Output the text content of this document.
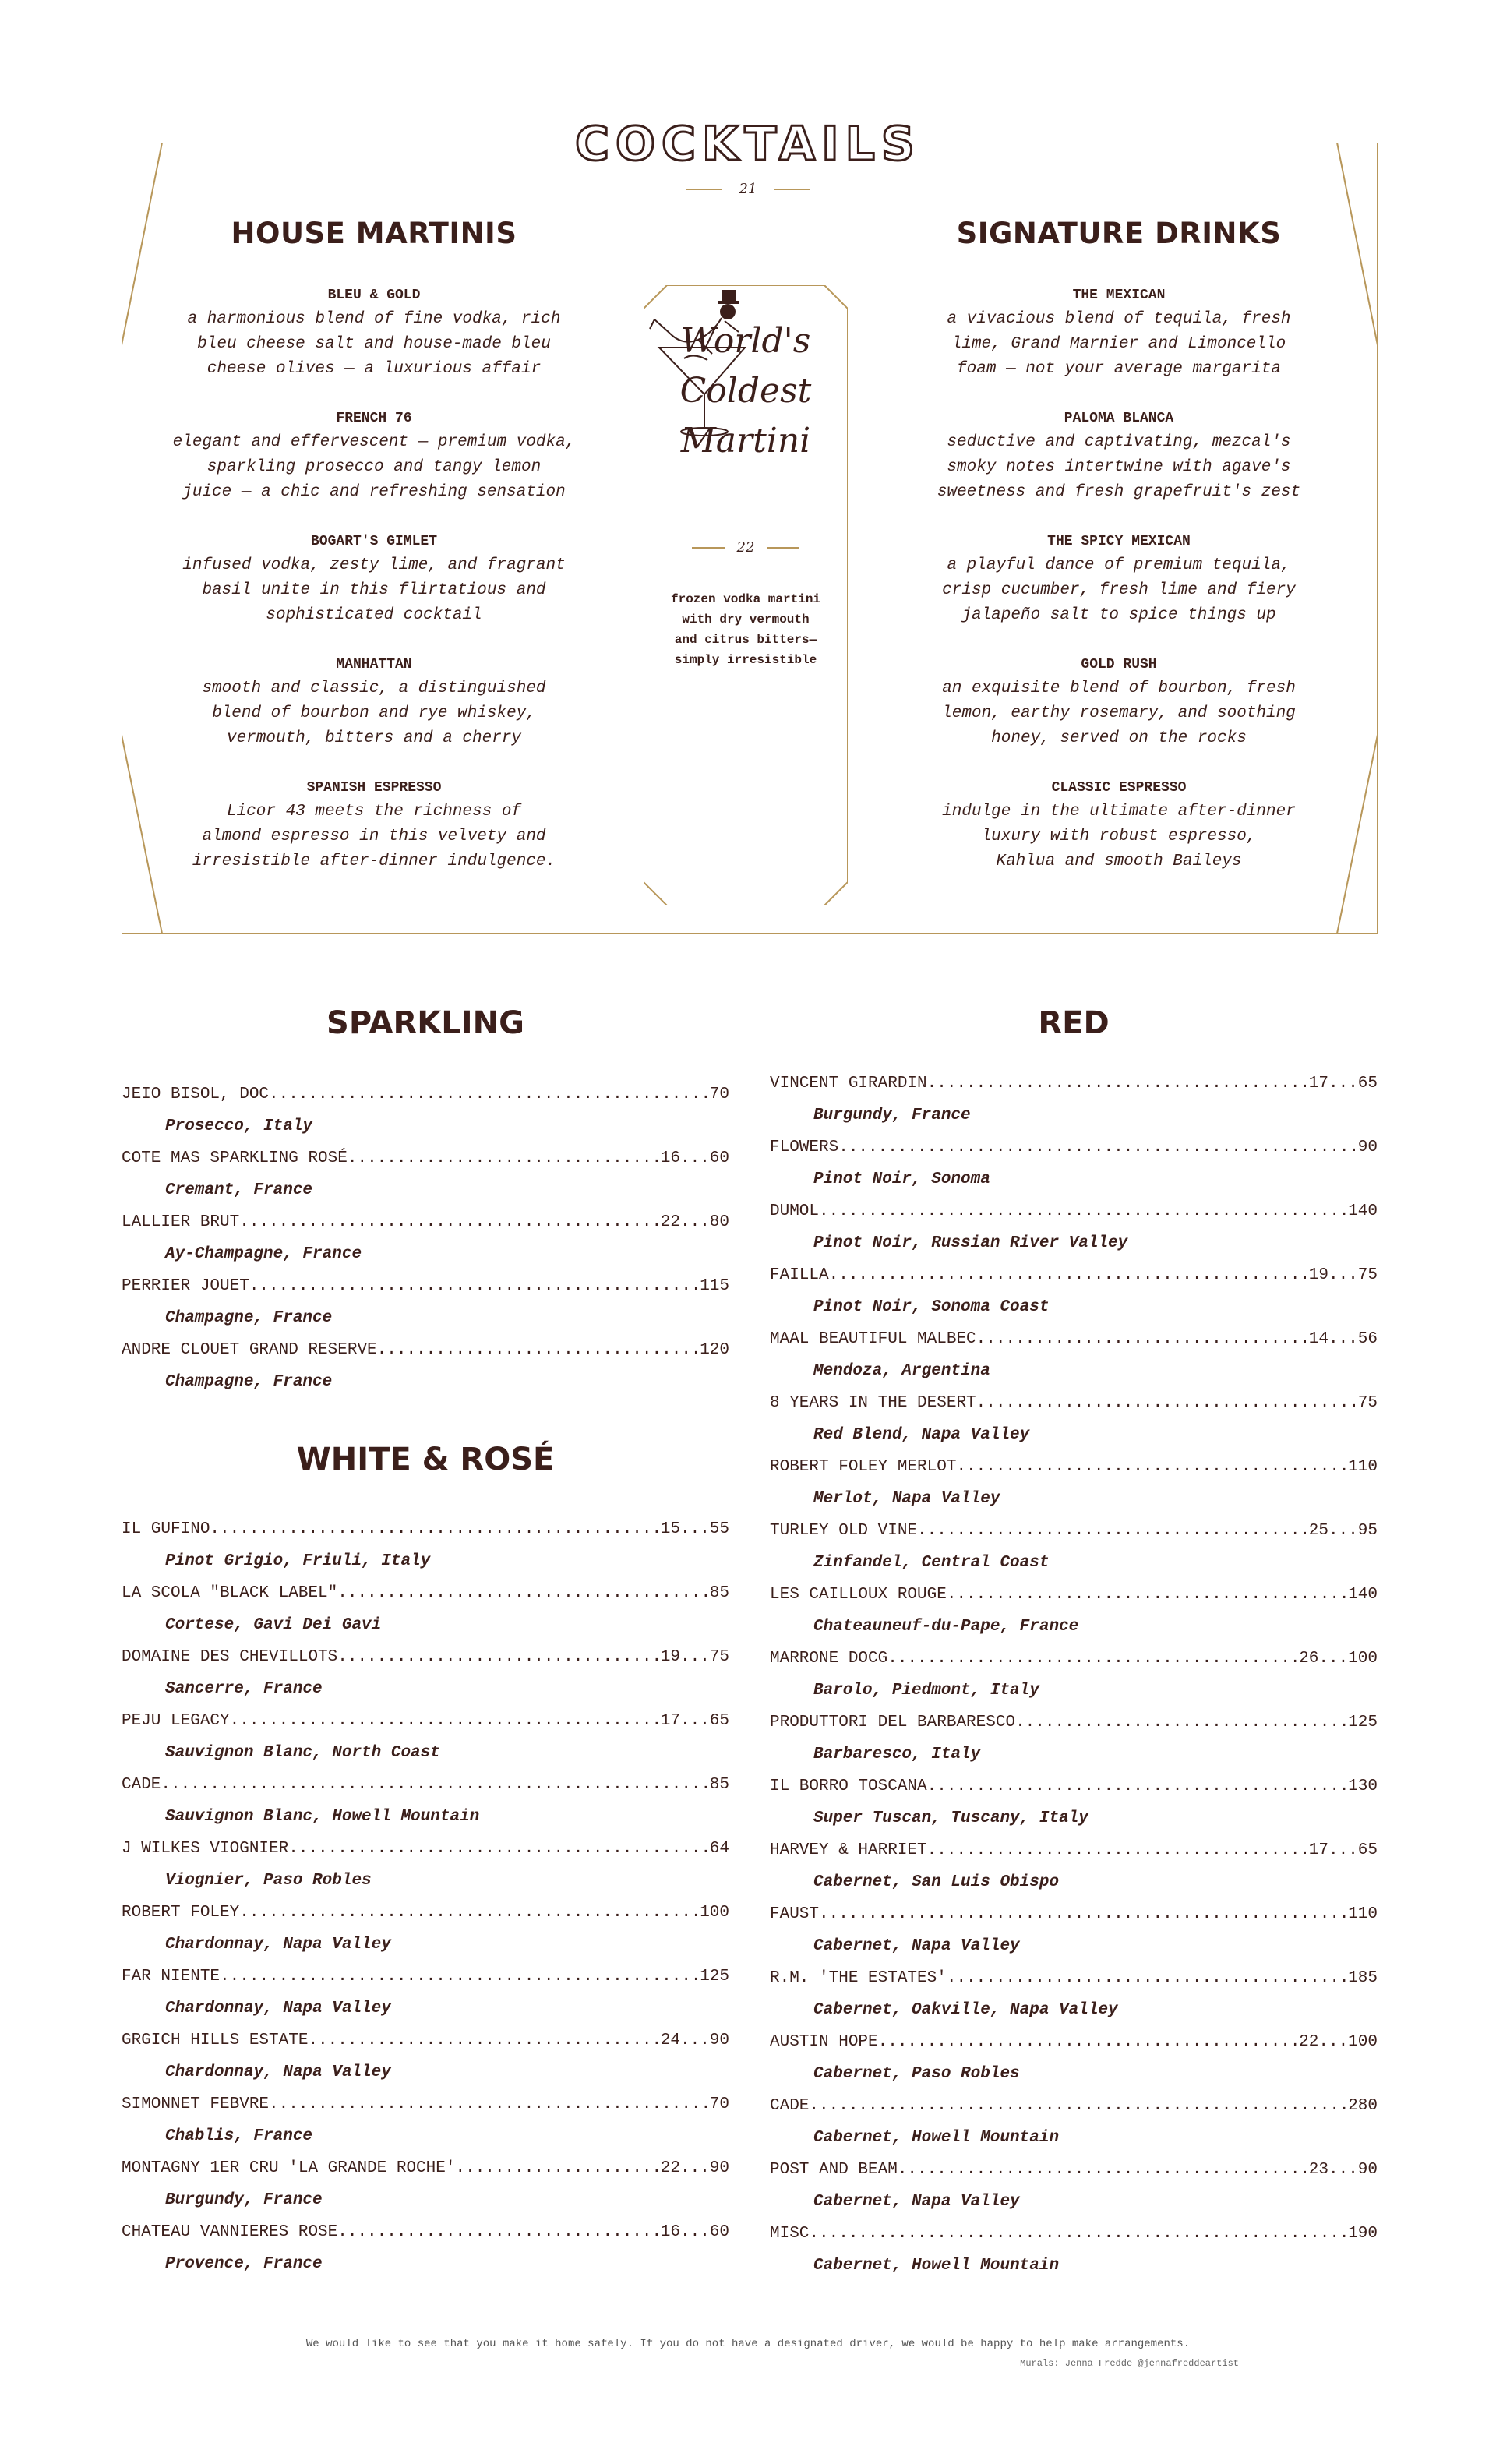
COCKTAILS
21
HOUSE MARTINIS	SIGNATURE DRINKS
BLEU & GOLD
a harmonious blend of fine vodka, rich
bleu cheese salt and house-made bleu
cheese olives — a luxurious affair
FRENCH 76
elegant and effervescent — premium vodka,
sparkling prosecco and tangy lemon
juice — a chic and refreshing sensation
BOGART'S GIMLET
infused vodka, zesty lime, and fragrant
basil unite in this flirtatious and
sophisticated cocktail
MANHATTAN
smooth and classic, a distinguished
blend of bourbon and rye whiskey,
vermouth, bitters and a cherry
SPANISH ESPRESSO
Licor 43 meets the richness of
almond espresso in this velvety and
irresistible after-dinner indulgence.
THE MEXICAN
a vivacious blend of tequila, fresh
lime, Grand Marnier and Limoncello
foam — not your average margarita
PALOMA BLANCA
seductive and captivating, mezcal's
smoky notes intertwine with agave's
sweetness and fresh grapefruit's zest
THE SPICY MEXICAN
a playful dance of premium tequila,
crisp cucumber, fresh lime and fiery
jalapeño salt to spice things up
GOLD RUSH
an exquisite blend of bourbon, fresh
lemon, earthy rosemary, and soothing
honey, served on the rocks
CLASSIC ESPRESSO
indulge in the ultimate after-dinner
luxury with robust espresso,
Kahlua and smooth Baileys
World's
Coldest
Martini
22
frozen vodka martini
with dry vermouth
and citrus bitters—
simply irresistible
SPARKLING
JEIO BISOL, DOC .....	70
Prosecco, Italy
COTE MAS SPARKLING ROSÉ .....	16...60
Cremant, France
LALLIER BRUT .....	22...80
Ay-Champagne, France
PERRIER JOUET .....	115
Champagne, France
ANDRE CLOUET GRAND RESERVE .....	120
Champagne, France
WHITE & ROSÉ
IL GUFINO .....	15...55
Pinot Grigio, Friuli, Italy
LA SCOLA "BLACK LABEL" .....	85
Cortese, Gavi Dei Gavi
DOMAINE DES CHEVILLOTS .....	19...75
Sancerre, France
PEJU LEGACY .....	17...65
Sauvignon Blanc, North Coast
CADE .....	85
Sauvignon Blanc, Howell Mountain
J WILKES VIOGNIER .....	64
Viognier, Paso Robles
ROBERT FOLEY .....	100
Chardonnay, Napa Valley
FAR NIENTE .....	125
Chardonnay, Napa Valley
GRGICH HILLS ESTATE .....	24...90
Chardonnay, Napa Valley
SIMONNET FEBVRE .....	70
Chablis, France
MONTAGNY 1ER CRU 'LA GRANDE ROCHE' .....	22...90
Burgundy, France
CHATEAU VANNIERES ROSE .....	16...60
Provence, France
RED
VINCENT GIRARDIN .....	17...65
Burgundy, France
FLOWERS .....	90
Pinot Noir, Sonoma
DUMOL .....	140
Pinot Noir, Russian River Valley
FAILLA .....	19...75
Pinot Noir, Sonoma Coast
MAAL BEAUTIFUL MALBEC .....	14...56
Mendoza, Argentina
8 YEARS IN THE DESERT .....	75
Red Blend, Napa Valley
ROBERT FOLEY MERLOT .....	110
Merlot, Napa Valley
TURLEY OLD VINE .....	25...95
Zinfandel, Central Coast
LES CAILLOUX ROUGE .....	140
Chateauneuf-du-Pape, France
MARRONE DOCG .....	26...100
Barolo, Piedmont, Italy
PRODUTTORI DEL BARBARESCO .....	125
Barbaresco, Italy
IL BORRO TOSCANA .....	130
Super Tuscan, Tuscany, Italy
HARVEY & HARRIET .....	17...65
Cabernet, San Luis Obispo
FAUST .....	110
Cabernet, Napa Valley
R.M. 'THE ESTATES' .....	185
Cabernet, Oakville, Napa Valley
AUSTIN HOPE .....	22...100
Cabernet, Paso Robles
CADE .....	280
Cabernet, Howell Mountain
POST AND BEAM .....	23...90
Cabernet, Napa Valley
MISC .....	190
Cabernet, Howell Mountain
We would like to see that you make it home safely. If you do not have a designated driver, we would be happy to help make arrangements.
Murals: Jenna Fredde @jennafreddeartist
